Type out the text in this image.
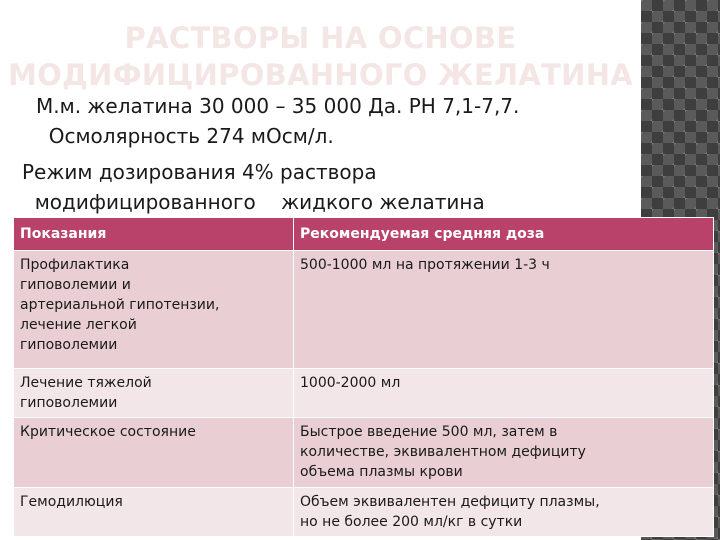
РАСТВОРЫ НА ОСНОВЕ МОДИФИЦИРОВАННОГО ЖЕЛАТИНА
М.м. желатина 30 000 – 35 000 Да. РН 7,1-7,7.
Осмолярность 274 мОсм/л.
Режим дозирования 4% раствора
модифицированного    жидкого желатина
Показания	Рекомендуемая средняя доза

Профилактика
гиповолемии и
артериальной гипотензии,
лечение легкой
гиповолемии	500-1000 мл на протяжении 1-3 ч

Лечение тяжелой
гиповолемии	1000-2000 мл

Критическое состояние	Быстрое введение 500 мл, затем в
количестве, эквивалентном дефициту
объема плазмы крови

Гемодилюция	Объем эквивалентен дефициту плазмы,
но не более 200 мл/кг в сутки
